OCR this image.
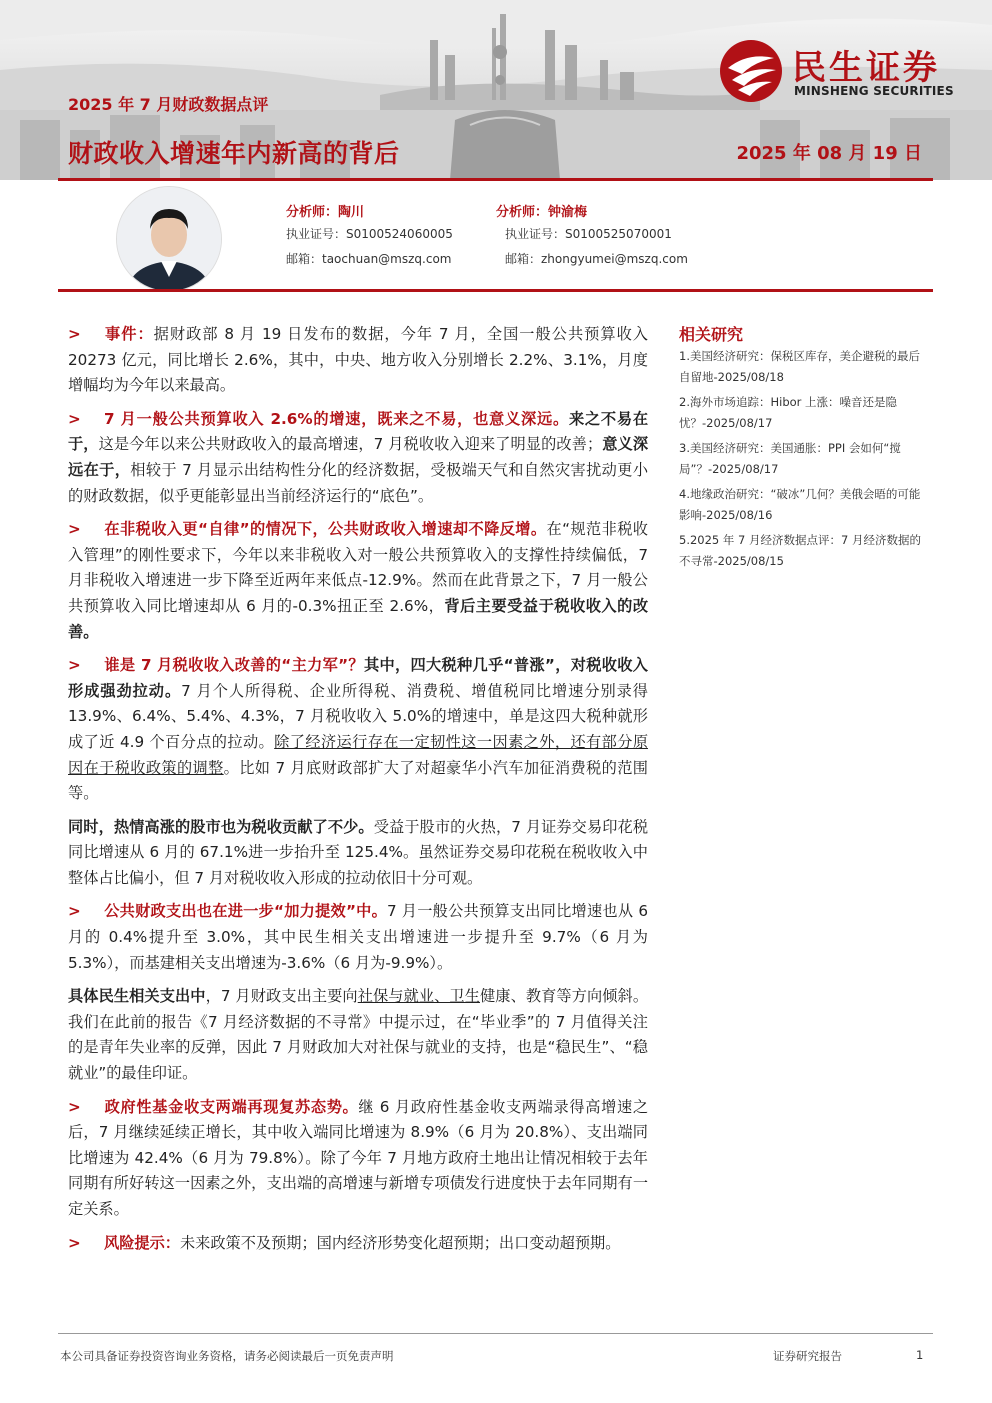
民生证券
MINSHENG SECURITIES
2025 年 7 月财政数据点评
财政收入增速年内新高的背后	2025 年 08 月 19 日
分析师：陶川
执业证号：S0100524060005
邮箱：taochuan@mszq.com
分析师：钟渝梅
执业证号：S0100525070001
邮箱：zhongyumei@mszq.com

> 事件：据财政部 8 月 19 日发布的数据，今年 7 月，全国一般公共预算收入 20273 亿元，同比增长 2.6%，其中，中央、地方收入分别增长 2.2%、3.1%，月度增幅均为今年以来最高。

> 7 月一般公共预算收入 2.6%的增速，既来之不易，也意义深远。来之不易在于，这是今年以来公共财政收入的最高增速，7 月税收收入迎来了明显的改善；意义深远在于，相较于 7 月显示出结构性分化的经济数据，受极端天气和自然灾害扰动更小的财政数据，似乎更能彰显出当前经济运行的“底色”。

> 在非税收入更“自律”的情况下，公共财政收入增速却不降反增。在“规范非税收入管理”的刚性要求下，今年以来非税收入对一般公共预算收入的支撑性持续偏低，7 月非税收入增速进一步下降至近两年来低点-12.9%。然而在此背景之下，7 月一般公共预算收入同比增速却从 6 月的-0.3%扭正至 2.6%，背后主要受益于税收收入的改善。

> 谁是 7 月税收收入改善的“主力军”？其中，四大税种几乎“普涨”，对税收收入形成强劲拉动。7 月个人所得税、企业所得税、消费税、增值税同比增速分别录得 13.9%、6.4%、5.4%、4.3%，7 月税收收入 5.0%的增速中，单是这四大税种就形成了近 4.9 个百分点的拉动。除了经济运行存在一定韧性这一因素之外，还有部分原因在于税收政策的调整。比如 7 月底财政部扩大了对超豪华小汽车加征消费税的范围等。

同时，热情高涨的股市也为税收贡献了不少。受益于股市的火热，7 月证券交易印花税同比增速从 6 月的 67.1%进一步抬升至 125.4%。虽然证券交易印花税在税收收入中整体占比偏小，但 7 月对税收收入形成的拉动依旧十分可观。

> 公共财政支出也在进一步“加力提效”中。7 月一般公共预算支出同比增速也从 6 月的 0.4%提升至 3.0%，其中民生相关支出增速进一步提升至 9.7%（6 月为 5.3%），而基建相关支出增速为-3.6%（6 月为-9.9%）。

具体民生相关支出中，7 月财政支出主要向社保与就业、卫生健康、教育等方向倾斜。我们在此前的报告《7 月经济数据的不寻常》中提示过，在“毕业季”的 7 月值得关注的是青年失业率的反弹，因此 7 月财政加大对社保与就业的支持，也是“稳民生”、“稳就业”的最佳印证。

> 政府性基金收支两端再现复苏态势。继 6 月政府性基金收支两端录得高增速之后，7 月继续延续正增长，其中收入端同比增速为 8.9%（6 月为 20.8%）、支出端同比增速为 42.4%（6 月为 79.8%）。除了今年 7 月地方政府土地出让情况相较于去年同期有所好转这一因素之外，支出端的高增速与新增专项债发行进度快于去年同期有一定关系。

> 风险提示：未来政策不及预期；国内经济形势变化超预期；出口变动超预期。

相关研究
1.美国经济研究：保税区库存，美企避税的最后自留地-2025/08/18
2.海外市场追踪：Hibor 上涨：噪音还是隐忧？-2025/08/17
3.美国经济研究：美国通胀：PPI 会如何“搅局”？-2025/08/17
4.地缘政治研究：“破冰”几何？美俄会晤的可能影响-2025/08/16
5.2025 年 7 月经济数据点评：7 月经济数据的不寻常-2025/08/15
本公司具备证券投资咨询业务资格，请务必阅读最后一页免责声明	证券研究报告	1
